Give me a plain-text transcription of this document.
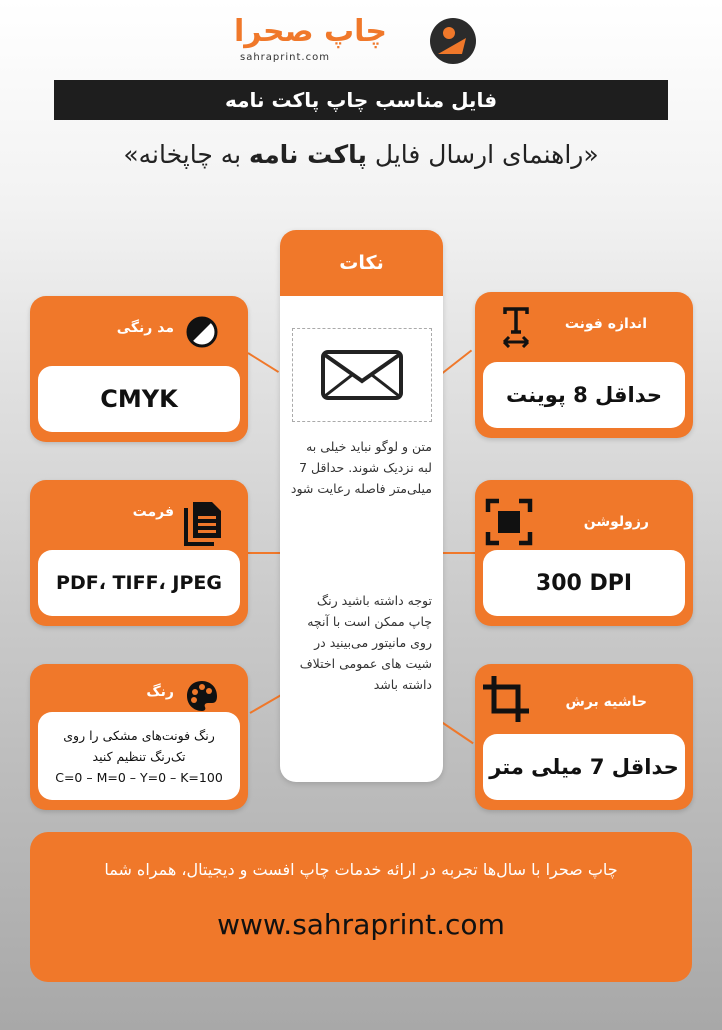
چاپ صحرا
sahraprint.com
فایل مناسب چاپ پاکت نامه
«راهنمای ارسال فایل پاکت نامه به چاپخانه»
نکات
متن و لوگو نباید خیلی به لبه نزدیک شوند. حداقل 7 میلی‌متر فاصله رعایت شود
توجه داشته باشید رنگ چاپ ممکن است با آنچه روی مانیتور می‌بینید در شیت های عمومی اختلاف داشته باشد
مد رنگی
CMYK
فرمت
PDF، TIFF، JPEG
رنگ
رنگ فونت‌های مشکی را روی
تک‌رنگ تنظیم کنید
C=0 – M=0 – Y=0 – K=100
اندازه فونت
حداقل 8 پوینت
رزولوشن
300 DPI
حاشیه برش
حداقل 7 میلی متر
چاپ صحرا با سال‌ها تجربه در ارائه خدمات چاپ افست و دیجیتال، همراه شما
www.sahraprint.com
